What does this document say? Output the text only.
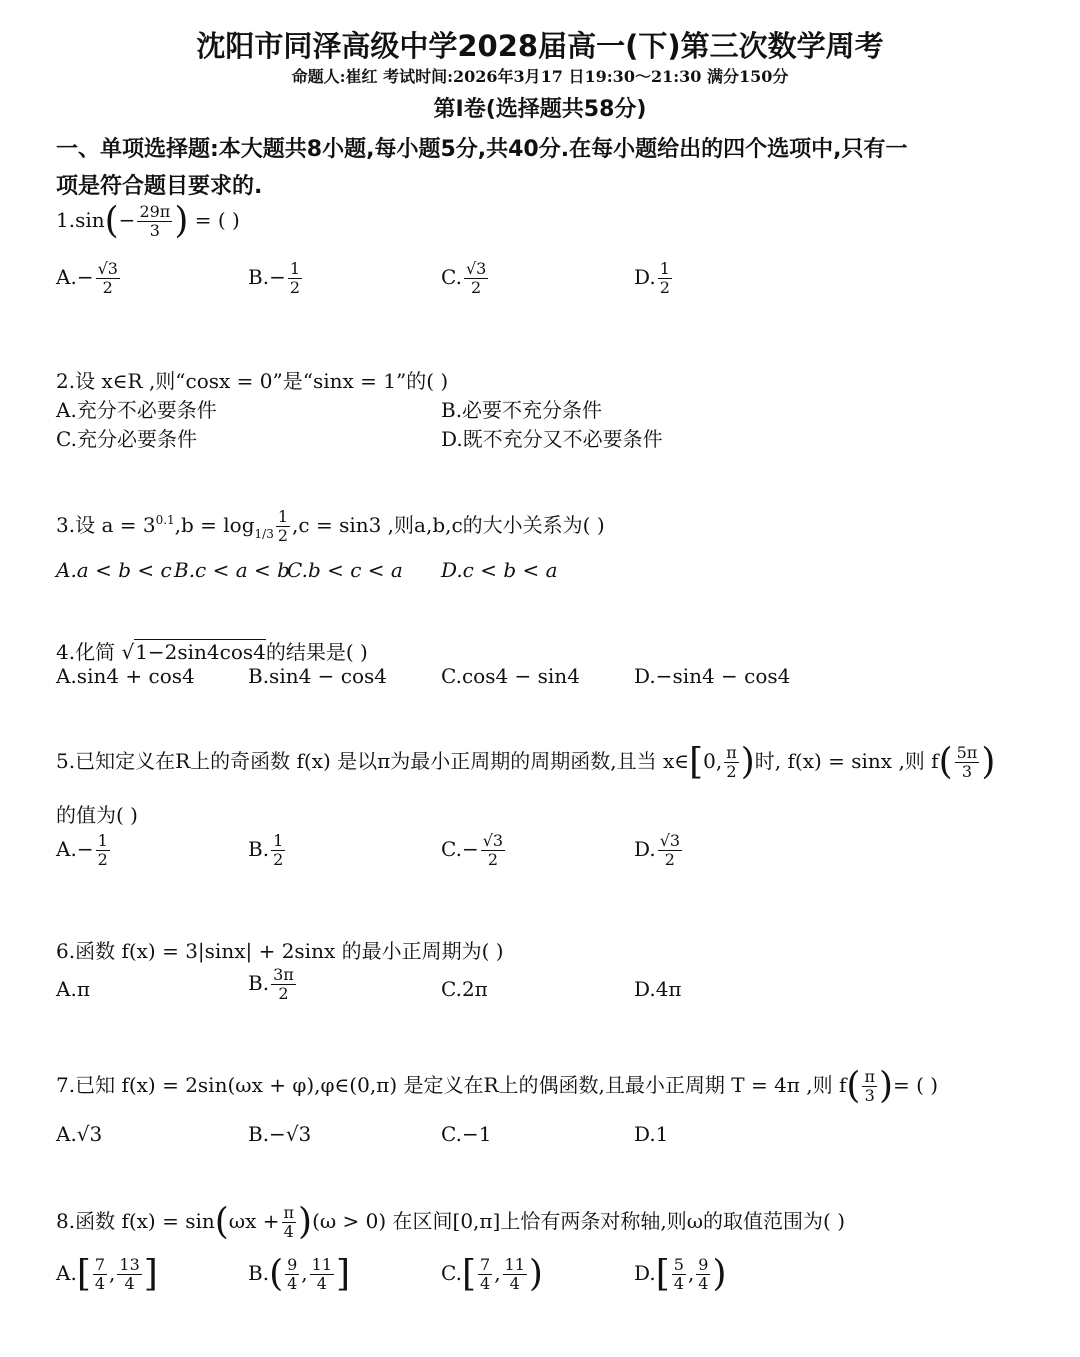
沈阳市同泽高级中学2028届高一(下)第三次数学周考
命题人:崔红 考试时间:2026年3月17 日19:30～21:30 满分150分
第Ⅰ卷(选择题共58分)
一、单项选择题:本大题共8小题,每小题5分,共40分.在每小题给出的四个选项中,只有一
项是符合题目要求的.
$1.\sin(- \frac{29\pi}{3}$ ) = ( )
$A.- \frac{√3}{2}$	$B.- \frac{1}{2}$	C. $\frac{√3}{2}$	D. $\frac{1}{2}$
2.设 x∈R ,则“cosx = 0”是“sinx = 1”的( )
A.充分不必要条件	B.必要不充分条件
C.充分必要条件	D.既不充分又不必要条件
3.设 $a = 3^{0.1},b = \log_{1/3} \frac{1}{2} ,c = \sin 3$ ,则a,b,c的大小关系为( )
A.a < b < c B.c < a < b
C.b < c < a D.c < b < a
4.化简 √1−2sin4cos4的结果是( )
A.sin4 + cos4	B.sin4 − cos4	C.cos4 − sin4	D.−sin4 − cos4
5.已知定义在R上的奇函数 f(x) 是以π为最小正周期的周期函数,且当 x∈[0, $\frac{\pi}{2}$ )时, f(x) = sinx ,则 $f( \frac{5\pi}{3}$ )
的值为( )
$A.- \frac{1}{2}$	B. $\frac{1}{2}$	$C.- \frac{√3}{2}$	D. $\frac{√3}{2}$
6.函数 f(x) = 3|sinx| + 2sinx 的最小正周期为( )
A.π	B. $\frac{3\pi}{2}$	C.2π	D.4π
7.已知 f(x) = 2sin(ωx + φ),φ∈(0,π) 是定义在R上的偶函数,且最小正周期 T = 4π ,则 $f( \frac{\pi}{3}$ )= ( )
A.√3	B.−√3	C.−1	D.1
8.函数 $f(x) = \sin(\omega x + \frac{\pi}{4} )(\omega > 0)$ 在区间[0,π]上恰有两条对称轴,则ω的取值范围为( )
$A.[ \frac{7}{4}$ , $\frac{13}{4}$ ]	$B.( \frac{9}{4}$ , $\frac{11}{4}$ ]	$C.[ \frac{7}{4}$ , $\frac{11}{4}$ )	$D.[ \frac{5}{4}$ , $\frac{9}{4}$ )
